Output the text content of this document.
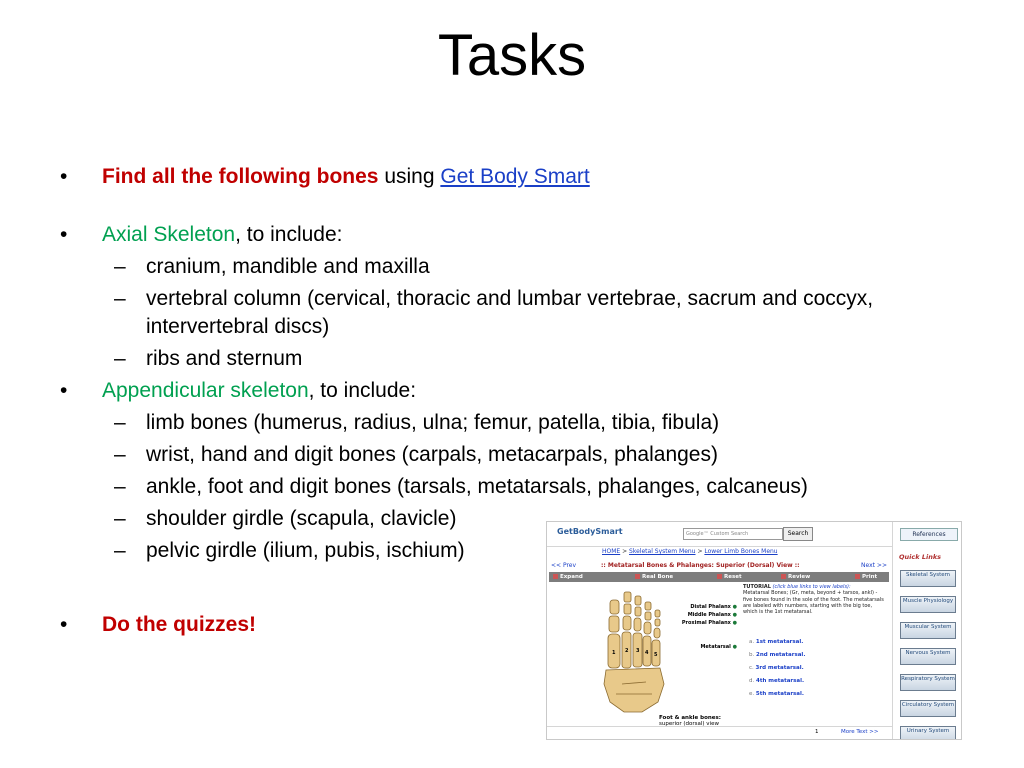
Tasks
• Find all the following bones using Get Body Smart
• Axial Skeleton, to include:
– cranium, mandible and maxilla
– vertebral column (cervical, thoracic and lumbar vertebrae, sacrum and coccyx, intervertebral discs)
– ribs and sternum
• Appendicular skeleton, to include:
– limb bones (humerus, radius, ulna; femur, patella, tibia, fibula)
– wrist, hand and digit bones (carpals, metacarpals, phalanges)
– ankle, foot and digit bones (tarsals, metatarsals, phalanges, calcaneus)
– shoulder girdle (scapula, clavicle)
– pelvic girdle (ilium, pubis, ischium)
• Do the quizzes!
GetBodySmart	Google™ Custom Search	Search
HOME > Skeletal System Menu > Lower Limb Bones Menu
<< Prev	:: Metatarsal Bones & Phalanges: Superior (Dorsal) View ::	Next >>
Expand	Real Bone	Reset	Review	Print
1 2 3 4 5
Distal Phalanx ●
Middle Phalanx ●
Proximal Phalanx ●
Metatarsal ●
TUTORIAL (click blue links to view labels):
Metatarsal Bones; (Gr, meta, beyond + tarsos, ankl) - five bones found in the sole of the foot. The metatarsals are labeled with numbers, starting with the big toe, which is the 1st metatarsal.
a. 1st metatarsal.
b. 2nd metatarsal.
c. 3rd metatarsal.
d. 4th metatarsal.
e. 5th metatarsal.
Foot & ankle bones:
superior (dorsal) view
1	More Text >>
References
Quick Links
Skeletal System
Muscle Physiology
Muscular System
Nervous System
Respiratory System
Circulatory System
Urinary System
